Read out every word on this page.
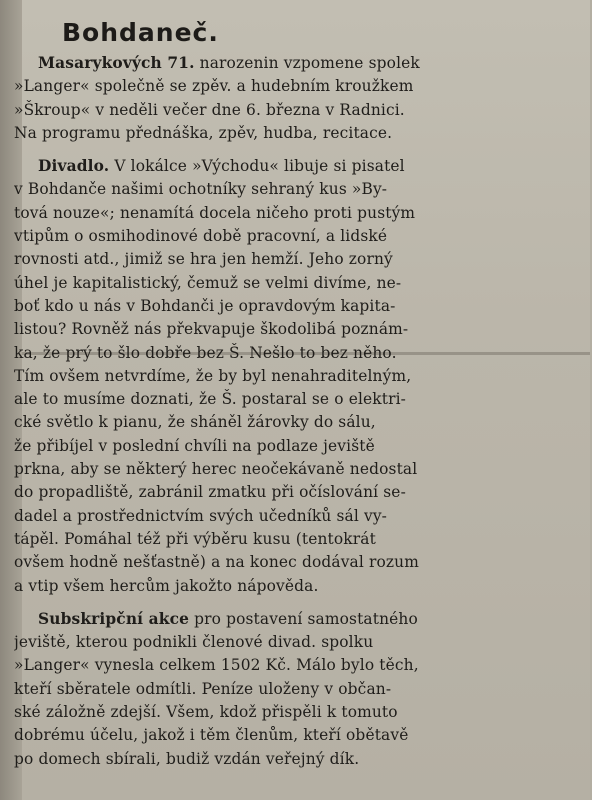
Bohdaneč.
Masarykových 71. narozenin vzpomene spolek
»Langer« společně se zpěv. a hudebním kroužkem
»Škroup« v neděli večer dne 6. března v Radnici.
Na programu přednáška, zpěv, hudba, recitace.
Divadlo. V lokálce »Východu« libuje si pisatel
v Bohdanče našimi ochotníky sehraný kus »By-
tová nouze«; nenamítá docela ničeho proti pustým
vtipům o osmihodinové době pracovní, a lidské
rovnosti atd., jimiž se hra jen hemží. Jeho zorný
úhel je kapitalistický, čemuž se velmi divíme, ne-
boť kdo u nás v Bohdanči je opravdovým kapita-
listou? Rovněž nás překvapuje škodolibá poznám-
ka, že prý to šlo dobře bez Š. Nešlo to bez něho.
Tím ovšem netvrdíme, že by byl nenahraditelným,
ale to musíme doznati, že Š. postaral se o elektri-
cké světlo k pianu, že sháněl žárovky do sálu,
že přibíjel v poslední chvíli na podlaze jeviště
prkna, aby se některý herec neočekávaně nedostal
do propadliště, zabránil zmatku při očíslování se-
dadel a prostřednictvím svých učedníků sál vy-
tápěl. Pomáhal též při výběru kusu (tentokrát
ovšem hodně nešťastně) a na konec dodával rozum
a vtip všem hercům jakožto nápověda.
Subskripční akce pro postavení samostatného
jeviště, kterou podnikli členové divad. spolku
»Langer« vynesla celkem 1502 Kč. Málo bylo těch,
kteří sběratele odmítli. Peníze uloženy v občan-
ské záložně zdejší. Všem, kdož přispěli k tomuto
dobrému účelu, jakož i těm členům, kteří obětavě
po domech sbírali, budiž vzdán veřejný dík.
